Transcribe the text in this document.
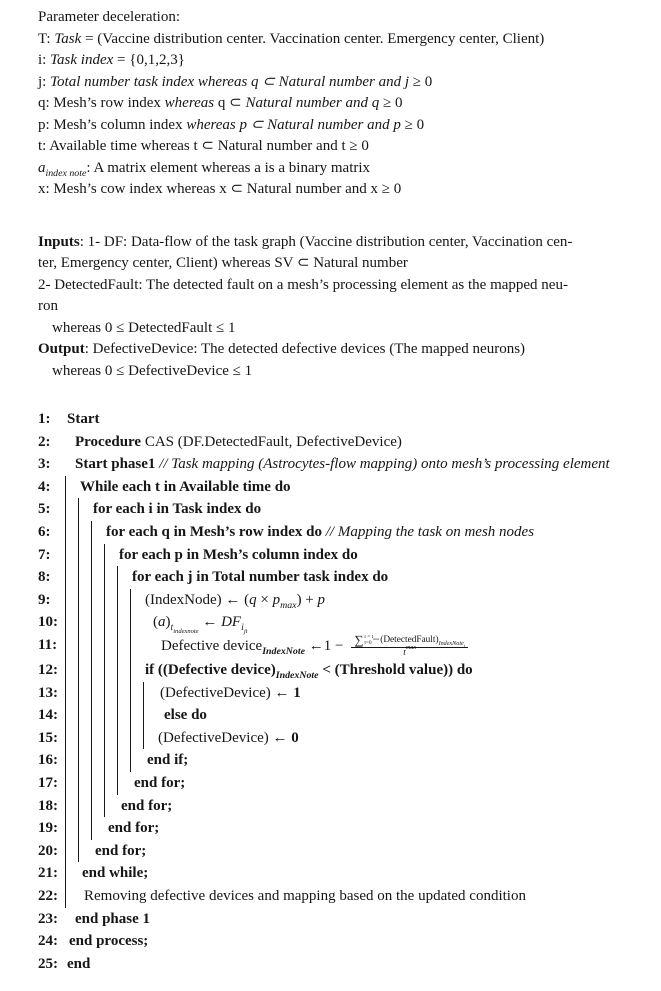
Parameter deceleration:
T: Task = (Vaccine distribution center. Vaccination center. Emergency center, Client)
i: Task index = {0,1,2,3}
j: Total number task index whereas q ⊂ Natural number and j ≥ 0
q: Mesh’s row index whereas q ⊂ Natural number and q ≥ 0
p: Mesh’s column index whereas p ⊂ Natural number and p ≥ 0
t: Available time whereas t ⊂ Natural number and t ≥ 0
$a_{index note}$: A matrix element whereas a is a binary matrix
x: Mesh’s cow index whereas x ⊂ Natural number and x ≥ 0
Inputs: 1- DF: Data-flow of the task graph (Vaccine distribution center, Vaccination cen-
ter, Emergency center, Client) whereas SV ⊂ Natural number
2- DetectedFault: The detected fault on a mesh’s processing element as the mapped neu-
ron
whereas 0 ≤ DetectedFault ≤ 1
Output: DefectiveDevice: The detected defective devices (The mapped neurons)
whereas 0 ≤ DefectiveDevice ≤ 1
1:	Start
2:	Procedure CAS (DF.DetectedFault, DefectiveDevice)
3:	Start phase1 // Task mapping (Astrocytes-flow mapping) onto mesh’s processing element
4:	While each t in Available time do
5:	for each i in Task index do
6:	for each q in Mesh’s row index do // Mapping the task on mesh nodes
7:	for each p in Mesh’s column index do
8:	for each j in Total number task index do
9:	(IndexNode) ← $(q \times p_{max}) + p$
10:	$(a)_{t_{indexnote}}$ ← $DF_{i_{jt}}$
11:	Defective device$_{IndexNote}$ ←1 − ∑ $t = t_{max}$
t=0 (DetectedFault) $_{IndexNote_t}$
t max
12:	if ((Defective $device)_{IndexNote}$ < (Threshold value)) do
13:	(DefectiveDevice) ← 1
14:	else do
15:	(DefectiveDevice) ← 0
16:	end if;
17:	end for;
18:	end for;
19:	end for;
20:	end for;
21:	end while;
22:	Removing defective devices and mapping based on the updated condition
23:	end phase 1
24: end process;
25: end
